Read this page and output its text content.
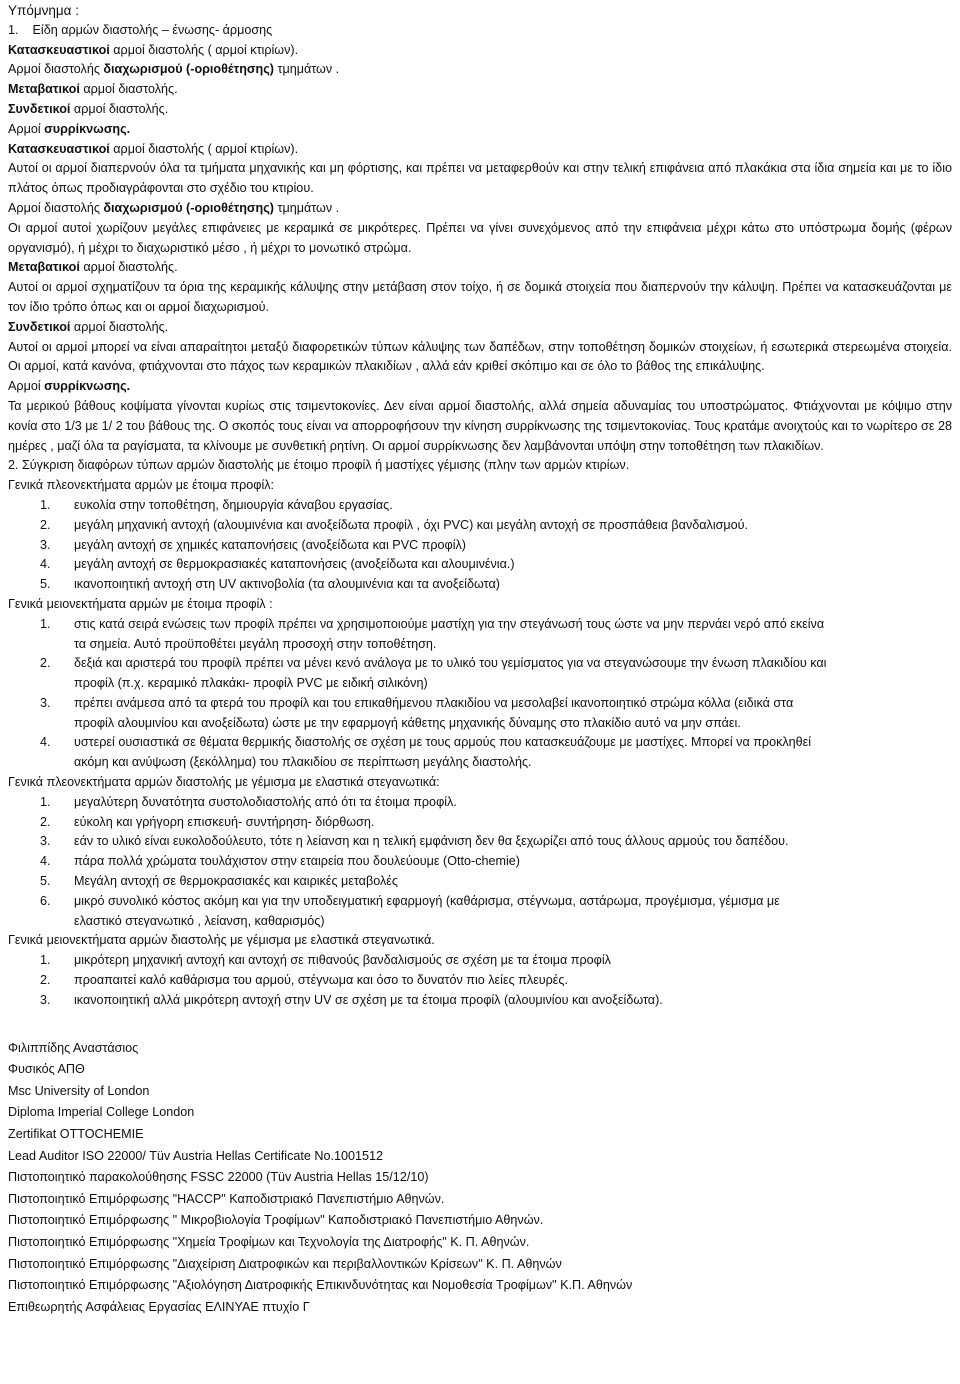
Υπόμνημα :
1. Είδη αρμών διαστολής – ένωσης- άρμοσης
Κατασκευαστικοί αρμοί διαστολής ( αρμοί κτιρίων).
Αρμοί διαστολής διαχωρισμού (-οριοθέτησης) τμημάτων .
Μεταβατικοί αρμοί διαστολής.
Συνδετικοί αρμοί διαστολής.
Αρμοί συρρίκνωσης.
Κατασκευαστικοί αρμοί διαστολής ( αρμοί κτιρίων).
Αυτοί οι αρμοί διαπερνούν όλα τα τμήματα μηχανικής και μη φόρτισης, και πρέπει να μεταφερθούν και στην τελική επιφάνεια από πλακάκια στα ίδια σημεία και με το ίδιο πλάτος όπως προδιαγράφονται στο σχέδιο του κτιρίου.
Αρμοί διαστολής διαχωρισμού (-οριοθέτησης) τμημάτων .
Οι αρμοί αυτοί χωρίζουν μεγάλες επιφάνειες με κεραμικά σε μικρότερες. Πρέπει να γίνει συνεχόμενος από την επιφάνεια μέχρι κάτω στο υπόστρωμα δομής (φέρων οργανισμό), ή μέχρι το διαχωριστικό μέσο , ή μέχρι το μονωτικό στρώμα.
Μεταβατικοί αρμοί διαστολής.
Αυτοί οι αρμοί σχηματίζουν τα όρια της κεραμικής κάλυψης στην μετάβαση στον τοίχο, ή σε δομικά στοιχεία που διαπερνούν την κάλυψη. Πρέπει να κατασκευάζονται με τον ίδιο τρόπο όπως και οι αρμοί διαχωρισμού.
Συνδετικοί αρμοί διαστολής.
Αυτοί οι αρμοί μπορεί να είναι απαραίτητοι μεταξύ διαφορετικών τύπων κάλυψης των δαπέδων, στην τοποθέτηση δομικών στοιχείων, ή εσωτερικά στερεωμένα στοιχεία. Οι αρμοί, κατά κανόνα, φτιάχνονται στο πάχος των κεραμικών πλακιδίων , αλλά εάν κριθεί σκόπιμο και σε όλο το βάθος της επικάλυψης.
Αρμοί συρρίκνωσης.
Τα μερικού βάθους κοψίματα γίνονται κυρίως στις τσιμεντοκονίες. Δεν είναι αρμοί διαστολής, αλλά σημεία αδυναμίας του υποστρώματος. Φτιάχνονται με κόψιμο στην κονία στο 1/3 με 1/ 2 του βάθους της. Ο σκοπός τους είναι να απορροφήσουν την κίνηση συρρίκνωσης της τσιμεντοκονίας. Τους κρατάμε ανοιχτούς και το νωρίτερο σε 28 ημέρες , μαζί όλα τα ραγίσματα, τα κλίνουμε με συνθετική ρητίνη. Οι αρμοί συρρίκνωσης δεν λαμβάνονται υπόψη στην τοποθέτηση των πλακιδίων.
2. Σύγκριση διαφόρων τύπων αρμών διαστολής με έτοιμο προφίλ ή μαστίχες γέμισης (πλην των αρμών κτιρίων.
Γενικά πλεονεκτήματα αρμών με έτοιμα προφίλ:
1.	ευκολία στην τοποθέτηση, δημιουργία κάναβου εργασίας.
2.	μεγάλη μηχανική αντοχή (αλουμινένια και ανοξείδωτα προφίλ , όχι PVC) και μεγάλη αντοχή σε προσπάθεια βανδαλισμού.
3.	μεγάλη αντοχή σε χημικές καταπονήσεις (ανοξείδωτα και PVC προφίλ)
4.	μεγάλη αντοχή σε θερμοκρασιακές καταπονήσεις (ανοξείδωτα και αλουμινένια.)
5.	ικανοποιητική αντοχή στη UV ακτινοβολία (τα αλουμινένια και τα ανοξείδωτα)
Γενικά μειονεκτήματα αρμών με έτοιμα προφίλ :
1.	στις κατά σειρά ενώσεις των προφίλ πρέπει να χρησιμοποιούμε μαστίχη για την στεγάνωσή τους ώστε να μην περνάει νερό από εκείνα
τα σημεία. Αυτό προϋποθέτει μεγάλη προσοχή στην τοποθέτηση.
2.	δεξιά και αριστερά του προφίλ πρέπει να μένει κενό ανάλογα με το υλικό του γεμίσματος για να στεγανώσουμε την ένωση πλακιδίου και
προφίλ (π.χ. κεραμικό πλακάκι- προφίλ PVC με ειδική σιλικόνη)
3.	πρέπει ανάμεσα από τα φτερά του προφίλ και του επικαθήμενου πλακιδίου να μεσολαβεί ικανοποιητικό στρώμα κόλλα (ειδικά στα
προφίλ αλουμινίου και ανοξείδωτα) ώστε με την εφαρμογή κάθετης μηχανικής δύναμης στο πλακίδιο αυτό να μην σπάει.
4.	υστερεί ουσιαστικά σε θέματα θερμικής διαστολής σε σχέση με τους αρμούς που κατασκευάζουμε με μαστίχες. Μπορεί να προκληθεί
ακόμη και ανύψωση (ξεκόλλημα) του πλακιδίου σε περίπτωση μεγάλης διαστολής.
Γενικά πλεονεκτήματα αρμών διαστολής με γέμισμα με ελαστικά στεγανωτικά:
1.	μεγαλύτερη δυνατότητα συστολοδιαστολής από ότι τα έτοιμα προφίλ.
2.	εύκολη και γρήγορη επισκευή- συντήρηση- διόρθωση.
3.	εάν το υλικό είναι ευκολοδούλευτο, τότε η λείανση και η τελική εμφάνιση δεν θα ξεχωρίζει από τους άλλους αρμούς του δαπέδου.
4.	πάρα πολλά χρώματα τουλάχιστον στην εταιρεία που δουλεύουμε (Otto-chemie)
5.	Μεγάλη αντοχή σε θερμοκρασιακές και καιρικές μεταβολές
6.	μικρό συνολικό κόστος ακόμη και για την υποδειγματική εφαρμογή (καθάρισμα, στέγνωμα, αστάρωμα, προγέμισμα, γέμισμα με
ελαστικό στεγανωτικό , λείανση, καθαρισμός)
Γενικά μειονεκτήματα αρμών διαστολής με γέμισμα με ελαστικά στεγανωτικά.
1.	μικρότερη μηχανική αντοχή και αντοχή σε πιθανούς βανδαλισμούς σε σχέση με τα έτοιμα προφίλ
2.	προαπαιτεί καλό καθάρισμα του αρμού, στέγνωμα και όσο το δυνατόν πιο λείες πλευρές.
3.	ικανοποιητική αλλά μικρότερη αντοχή στην UV σε σχέση με τα έτοιμα προφίλ (αλουμινίου και ανοξείδωτα).
Φιλιππίδης Αναστάσιος
Φυσικός ΑΠΘ
Msc University of London
Diploma Imperial College London
Zertifikat OTTOCHEMIE
Lead Auditor ISO 22000/ Tüv Austria Hellas Certificate No.1001512
Πιστοποιητικό παρακολούθησης FSSC 22000 (Tüv Austria Hellas 15/12/10)
Πιστοποιητικό Επιμόρφωσης "HACCP" Καποδιστριακό Πανεπιστήμιο Αθηνών.
Πιστοποιητικό Επιμόρφωσης " Μικροβιολογία Τροφίμων" Καποδιστριακό Πανεπιστήμιο Αθηνών.
Πιστοποιητικό Επιμόρφωσης "Χημεία Τροφίμων και Τεχνολογία της Διατροφής" Κ. Π. Αθηνών.
Πιστοποιητικό Επιμόρφωσης "Διαχείριση Διατροφικών και περιβαλλοντικών Κρίσεων" Κ. Π. Αθηνών
Πιστοποιητικό Επιμόρφωσης "Αξιολόγηση Διατροφικής Επικινδυνότητας και Νομοθεσία Τροφίμων" Κ.Π. Αθηνών
Επιθεωρητής Ασφάλειας Εργασίας ΕΛΙΝΥΑΕ πτυχίο Γ
